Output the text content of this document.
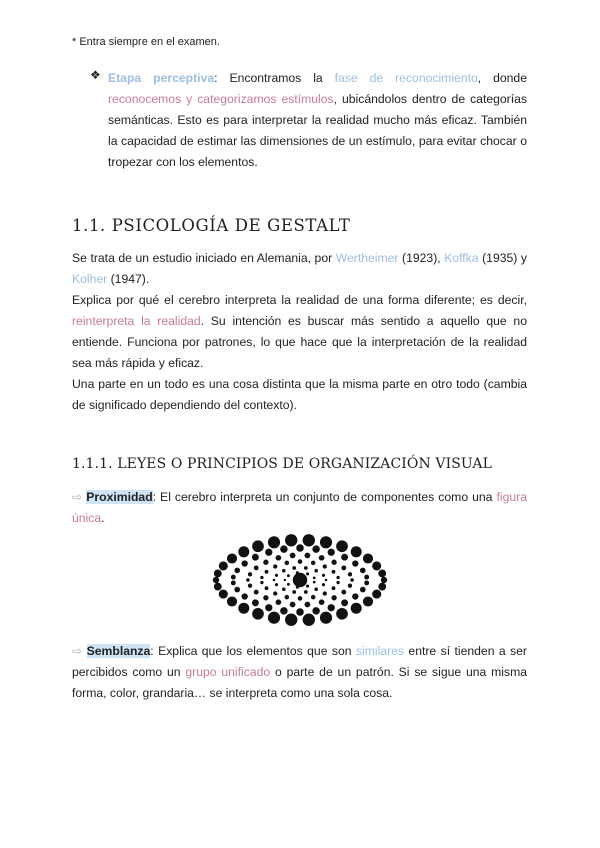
* Entra siempre en el examen.
❖ Etapa perceptiva: Encontramos la fase de reconocimiento, donde reconocemos y categorizamos estímulos, ubicándolos dentro de categorías semánticas. Esto es para interpretar la realidad mucho más eficaz. También la capacidad de estimar las dimensiones de un estímulo, para evitar chocar o tropezar con los elementos.
1.1. PSICOLOGÍA DE GESTALT
Se trata de un estudio iniciado en Alemania, por Wertheimer (1923), Koffka (1935) y Kolher (1947).
Explica por qué el cerebro interpreta la realidad de una forma diferente; es decir, reinterpreta la realidad. Su intención es buscar más sentido a aquello que no entiende. Funciona por patrones, lo que hace que la interpretación de la realidad sea más rápida y eficaz.
Una parte en un todo es una cosa distinta que la misma parte en otro todo (cambia de significado dependiendo del contexto).
1.1.1. LEYES O PRINCIPIOS DE ORGANIZACIÓN VISUAL
⇨ Proximidad: El cerebro interpreta un conjunto de componentes como una figura única.
⇨ Semblanza: Explica que los elementos que son similares entre sí tienden a ser percibidos como un grupo unificado o parte de un patrón. Si se sigue una misma forma, color, grandaria… se interpreta como una sola cosa.
